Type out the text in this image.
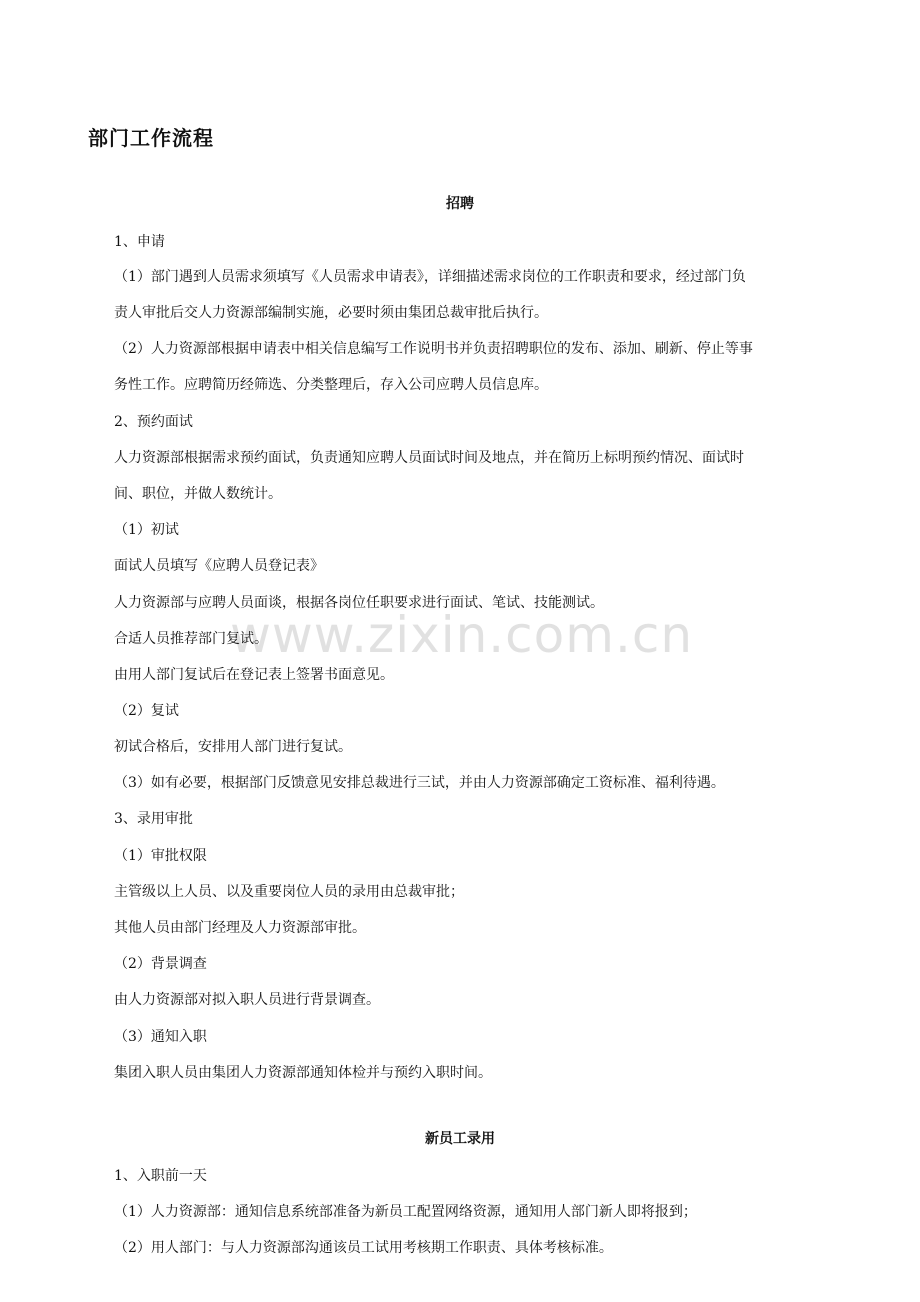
部门工作流程
www.zixin.com.cn
招聘
1、申请
（1）部门遇到人员需求须填写《人员需求申请表》，详细描述需求岗位的工作职责和要求，经过部门负
责人审批后交人力资源部编制实施，必要时须由集团总裁审批后执行。
（2）人力资源部根据申请表中相关信息编写工作说明书并负责招聘职位的发布、添加、刷新、停止等事
务性工作。应聘简历经筛选、分类整理后，存入公司应聘人员信息库。
2、预约面试
人力资源部根据需求预约面试，负责通知应聘人员面试时间及地点，并在简历上标明预约情况、面试时
间、职位，并做人数统计。
（1）初试
面试人员填写《应聘人员登记表》
人力资源部与应聘人员面谈，根据各岗位任职要求进行面试、笔试、技能测试。
合适人员推荐部门复试。
由用人部门复试后在登记表上签署书面意见。
（2）复试
初试合格后，安排用人部门进行复试。
（3）如有必要，根据部门反馈意见安排总裁进行三试，并由人力资源部确定工资标准、福利待遇。
3、录用审批
（1）审批权限
主管级以上人员、以及重要岗位人员的录用由总裁审批；
其他人员由部门经理及人力资源部审批。
（2）背景调查
由人力资源部对拟入职人员进行背景调查。
（3）通知入职
集团入职人员由集团人力资源部通知体检并与预约入职时间。
新员工录用
1、入职前一天
（1）人力资源部：通知信息系统部准备为新员工配置网络资源，通知用人部门新人即将报到；
（2）用人部门：与人力资源部沟通该员工试用考核期工作职责、具体考核标准。
